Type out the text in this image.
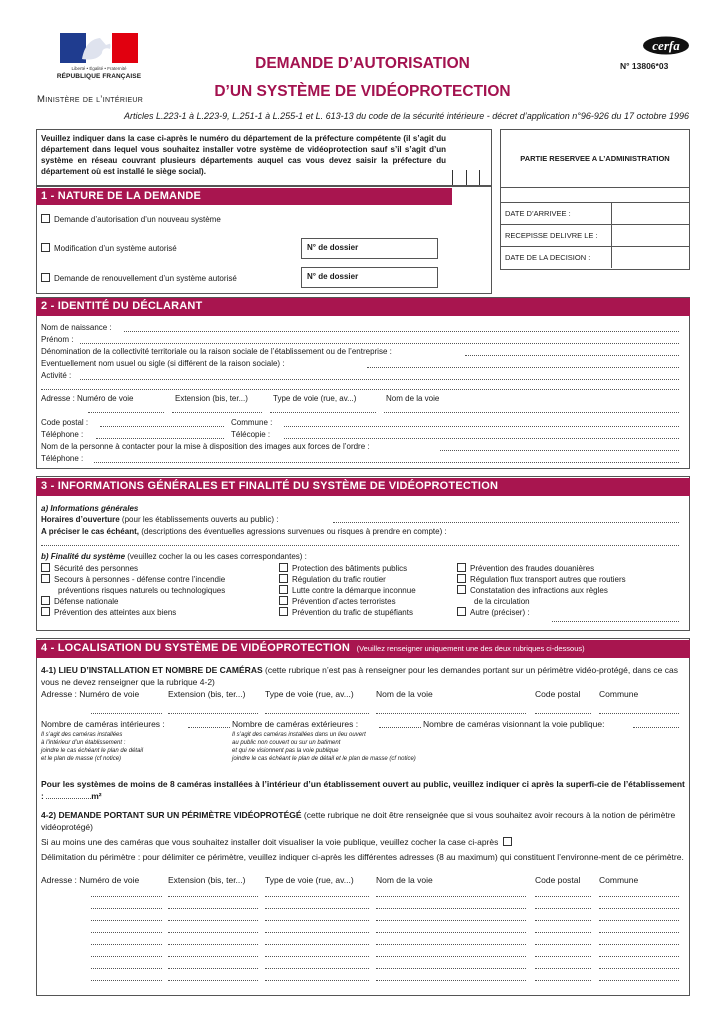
Liberté • Égalité • Fraternité
RÉPUBLIQUE FRANÇAISE
Ministère de l’intérieur
DEMANDE D’AUTORISATION
D’UN SYSTÈME DE VIDÉOPROTECTION
cerfa
N° 13806*03
Articles L.223-1 à L.223-9, L.251-1 à L.255-1 et L. 613-13 du code de la sécurité intérieure - décret d’application n°96-926 du 17 octobre 1996
Veuillez indiquer dans la case ci-après le numéro du département de la préfecture compétente (il s’agit du département dans lequel vous souhaitez installer votre système de vidéoprotection sauf s’il s’agit d’un système en réseau couvrant plusieurs départements auquel cas vous devez saisir la préfecture du département où est installé le siège social).
PARTIE RESERVEE A L’ADMINISTRATION
DATE D’ARRIVEE :
RECEPISSE DELIVRE LE :
DATE DE LA DECISION :
1 - NATURE DE LA DEMANDE
Demande d’autorisation d’un nouveau système
Modification d’un système autorisé
Demande de renouvellement d’un système autorisé
N° de dossier
N° de dossier
2 - IDENTITÉ DU DÉCLARANT
Nom de naissance :
Prénom :
Dénomination de la collectivité territoriale ou la raison sociale de l’établissement ou de l’entreprise :
Eventuellement nom usuel ou sigle (si différent de la raison sociale) :
Activité :
Adresse : Numéro de voie	Extension (bis, ter...)	Type de voie (rue, av...)	Nom de la voie
Code postal :	Commune :
Téléphone :	Télécopie :
Nom de la personne à contacter pour la mise à disposition des images aux forces de l’ordre :
Téléphone :
3 - INFORMATIONS GÉNÉRALES ET FINALITÉ DU SYSTÈME DE VIDÉOPROTECTION
a) Informations générales
Horaires d’ouverture (pour les établissements ouverts au public) :
A préciser le cas échéant, (descriptions des éventuelles agressions survenues ou risques à prendre en compte) :
b) Finalité du système (veuillez cocher la ou les cases correspondantes) :
Sécurité des personnes
Secours à personnes - défense contre l’incendie
préventions risques naturels ou technologiques
Défense nationale
Prévention des atteintes aux biens
Protection des bâtiments publics
Régulation du trafic routier
Lutte contre la démarque inconnue
Prévention d’actes terroristes
Prévention du trafic de stupéfiants
Prévention des fraudes douanières
Régulation flux transport autres que routiers
Constatation des infractions aux règles
de la circulation
Autre (préciser) :
4 - LOCALISATION DU SYSTÈME DE VIDÉOPROTECTION (Veuillez renseigner uniquement une des deux rubriques ci-dessous)
4-1) LIEU D’INSTALLATION ET NOMBRE DE CAMÉRAS (cette rubrique n’est pas à renseigner pour les demandes portant sur un périmètre vidéo-protégé, dans ce cas vous ne devez renseigner que la rubrique 4-2)
Adresse : Numéro de voie	Extension (bis, ter...) Type de voie (rue, av...)	Nom de la voie	Code postal Commune
Nombre de caméras intérieures :	Nombre de caméras extérieures :	Nombre de caméras visionnant la voie publique:
Il s’agit des caméras installées
à l’intérieur d’un établissement :
joindre le cas échéant le plan de détail
et le plan de masse (cf notice)
Il s’agit des caméras installées dans un lieu ouvert
au public non couvert ou sur un batiment
et qui ne visionnent pas la voie publique
joindre le cas échéant le plan de détail et le plan de masse (cf notice)
Pour les systèmes de moins de 8 caméras installées à l’intérieur d’un établissement ouvert au public, veuillez indiquer ci après la superfi-cie de l’établissement :	m²
4-2) DEMANDE PORTANT SUR UN PÉRIMÈTRE VIDÉOPROTÉGÉ (cette rubrique ne doit être renseignée que si vous souhaitez avoir recours à la notion de périmètre vidéoprotégé)
Si au moins une des caméras que vous souhaitez installer doit visualiser la voie publique, veuillez cocher la case ci-après
Délimitation du périmètre : pour délimiter ce périmètre, veuillez indiquer ci-après les différentes adresses (8 au maximum) qui constituent l’environne-ment de ce périmètre.
Adresse : Numéro de voie	Extension (bis, ter...) Type de voie (rue, av...)	Nom de la voie	Code postal Commune
